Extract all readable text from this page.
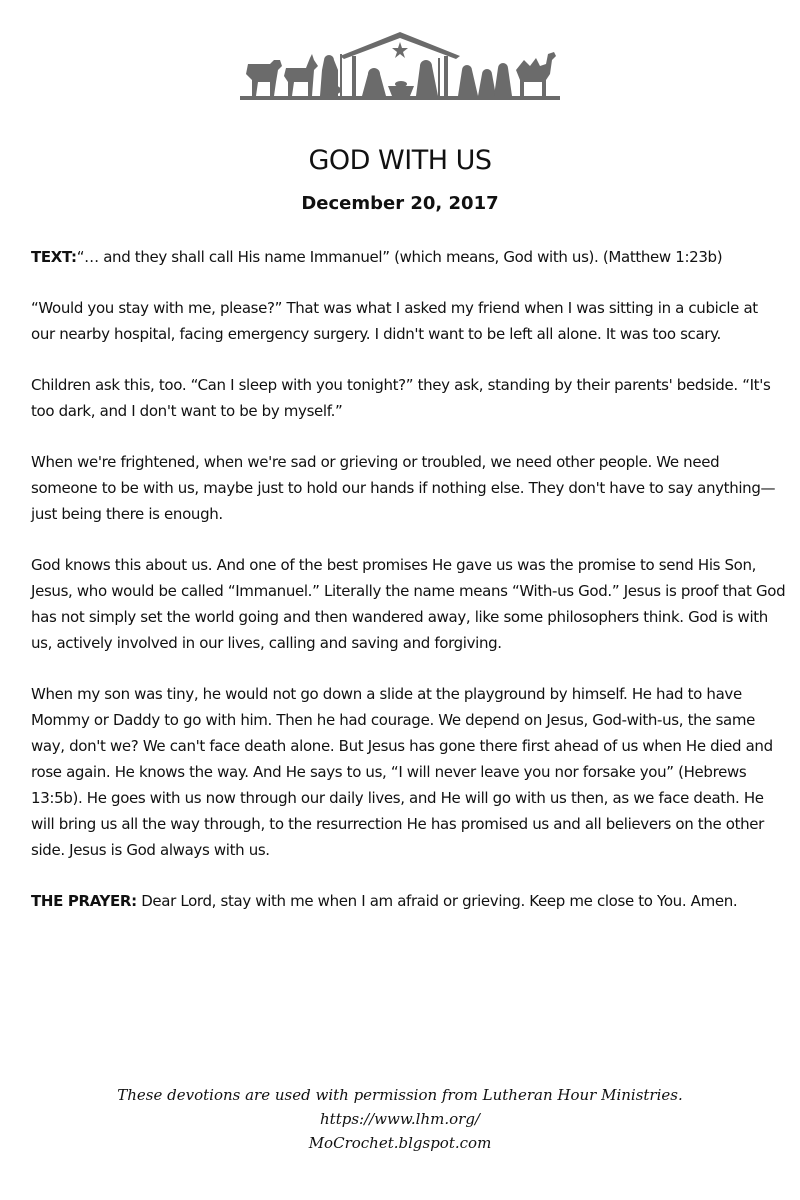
GOD WITH US
December 20, 2017

TEXT:“… and they shall call His name Immanuel” (which means, God with us). (Matthew 1:23b)

“Would you stay with me, please?” That was what I asked my friend when I was sitting in a cubicle at our nearby hospital, facing emergency surgery. I didn't want to be left all alone. It was too scary.

Children ask this, too. “Can I sleep with you tonight?” they ask, standing by their parents' bedside. “It's too dark, and I don't want to be by myself.”

When we're frightened, when we're sad or grieving or troubled, we need other people. We need someone to be with us, maybe just to hold our hands if nothing else. They don't have to say anything—just being there is enough.

God knows this about us. And one of the best promises He gave us was the promise to send His Son, Jesus, who would be called “Immanuel.” Literally the name means “With-us God.” Jesus is proof that God has not simply set the world going and then wandered away, like some philosophers think. God is with us, actively involved in our lives, calling and saving and forgiving.

When my son was tiny, he would not go down a slide at the playground by himself. He had to have Mommy or Daddy to go with him. Then he had courage. We depend on Jesus, God-with-us, the same way, don't we? We can't face death alone. But Jesus has gone there first ahead of us when He died and rose again. He knows the way. And He says to us, “I will never leave you nor forsake you” (Hebrews 13:5b). He goes with us now through our daily lives, and He will go with us then, as we face death. He will bring us all the way through, to the resurrection He has promised us and all believers on the other side. Jesus is God always with us.

THE PRAYER: Dear Lord, stay with me when I am afraid or grieving. Keep me close to You. Amen.

These devotions are used with permission from Lutheran Hour Ministries.
https://www.lhm.org/
MoCrochet.blgspot.com
